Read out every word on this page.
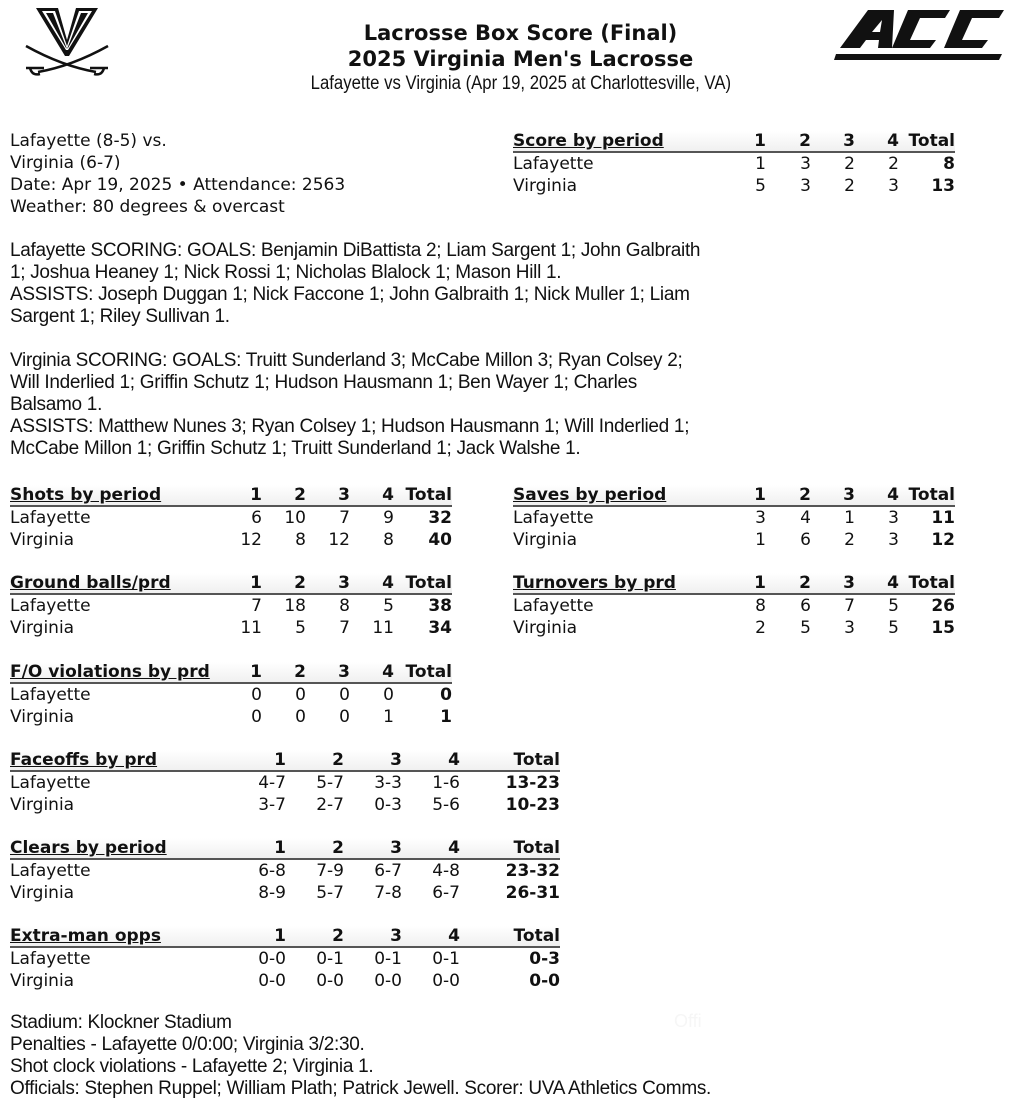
Lacrosse Box Score (Final)
2025 Virginia Men's Lacrosse
Lafayette vs Virginia (Apr 19, 2025 at Charlottesville, VA)
Lafayette (8-5) vs.
Virginia (6-7)
Date: Apr 19, 2025 • Attendance: 2563
Weather: 80 degrees & overcast
Score by period	1	2	3	4	Total
Lafayette	1	3	2	2	8
Virginia	5	3	2	3	13
Lafayette SCORING: GOALS: Benjamin DiBattista 2; Liam Sargent 1; John Galbraith
1; Joshua Heaney 1; Nick Rossi 1; Nicholas Blalock 1; Mason Hill 1.
ASSISTS: Joseph Duggan 1; Nick Faccone 1; John Galbraith 1; Nick Muller 1; Liam
Sargent 1; Riley Sullivan 1.
Virginia SCORING: GOALS: Truitt Sunderland 3; McCabe Millon 3; Ryan Colsey 2;
Will Inderlied 1; Griffin Schutz 1; Hudson Hausmann 1; Ben Wayer 1; Charles
Balsamo 1.
ASSISTS: Matthew Nunes 3; Ryan Colsey 1; Hudson Hausmann 1; Will Inderlied 1;
McCabe Millon 1; Griffin Schutz 1; Truitt Sunderland 1; Jack Walshe 1.
Shots by period	1	2	3	4	Total
Lafayette	6	10	7	9	32
Virginia	12	8	12	8	40
Saves by period	1	2	3	4	Total
Lafayette	3	4	1	3	11
Virginia	1	6	2	3	12
Ground balls/prd	1	2	3	4	Total
Lafayette	7	18	8	5	38
Virginia	11	5	7	11	34
Turnovers by prd	1	2	3	4	Total
Lafayette	8	6	7	5	26
Virginia	2	5	3	5	15
F/O violations by prd	1	2	3	4	Total
Lafayette	0	0	0	0	0
Virginia	0	0	0	1	1
Faceoffs by prd	1	2	3	4	Total
Lafayette	4-7	5-7	3-3	1-6	13-23
Virginia	3-7	2-7	0-3	5-6	10-23
Clears by period	1	2	3	4	Total
Lafayette	6-8	7-9	6-7	4-8	23-32
Virginia	8-9	5-7	7-8	6-7	26-31
Extra-man opps	1	2	3	4	Total
Lafayette	0-0	0-1	0-1	0-1	0-3
Virginia	0-0	0-0	0-0	0-0	0-0
Stadium: Klockner Stadium
Penalties - Lafayette 0/0:00; Virginia 3/2:30.
Shot clock violations - Lafayette 2; Virginia 1.
Officials: Stephen Ruppel; William Plath; Patrick Jewell. Scorer: UVA Athletics Comms.
Offi
